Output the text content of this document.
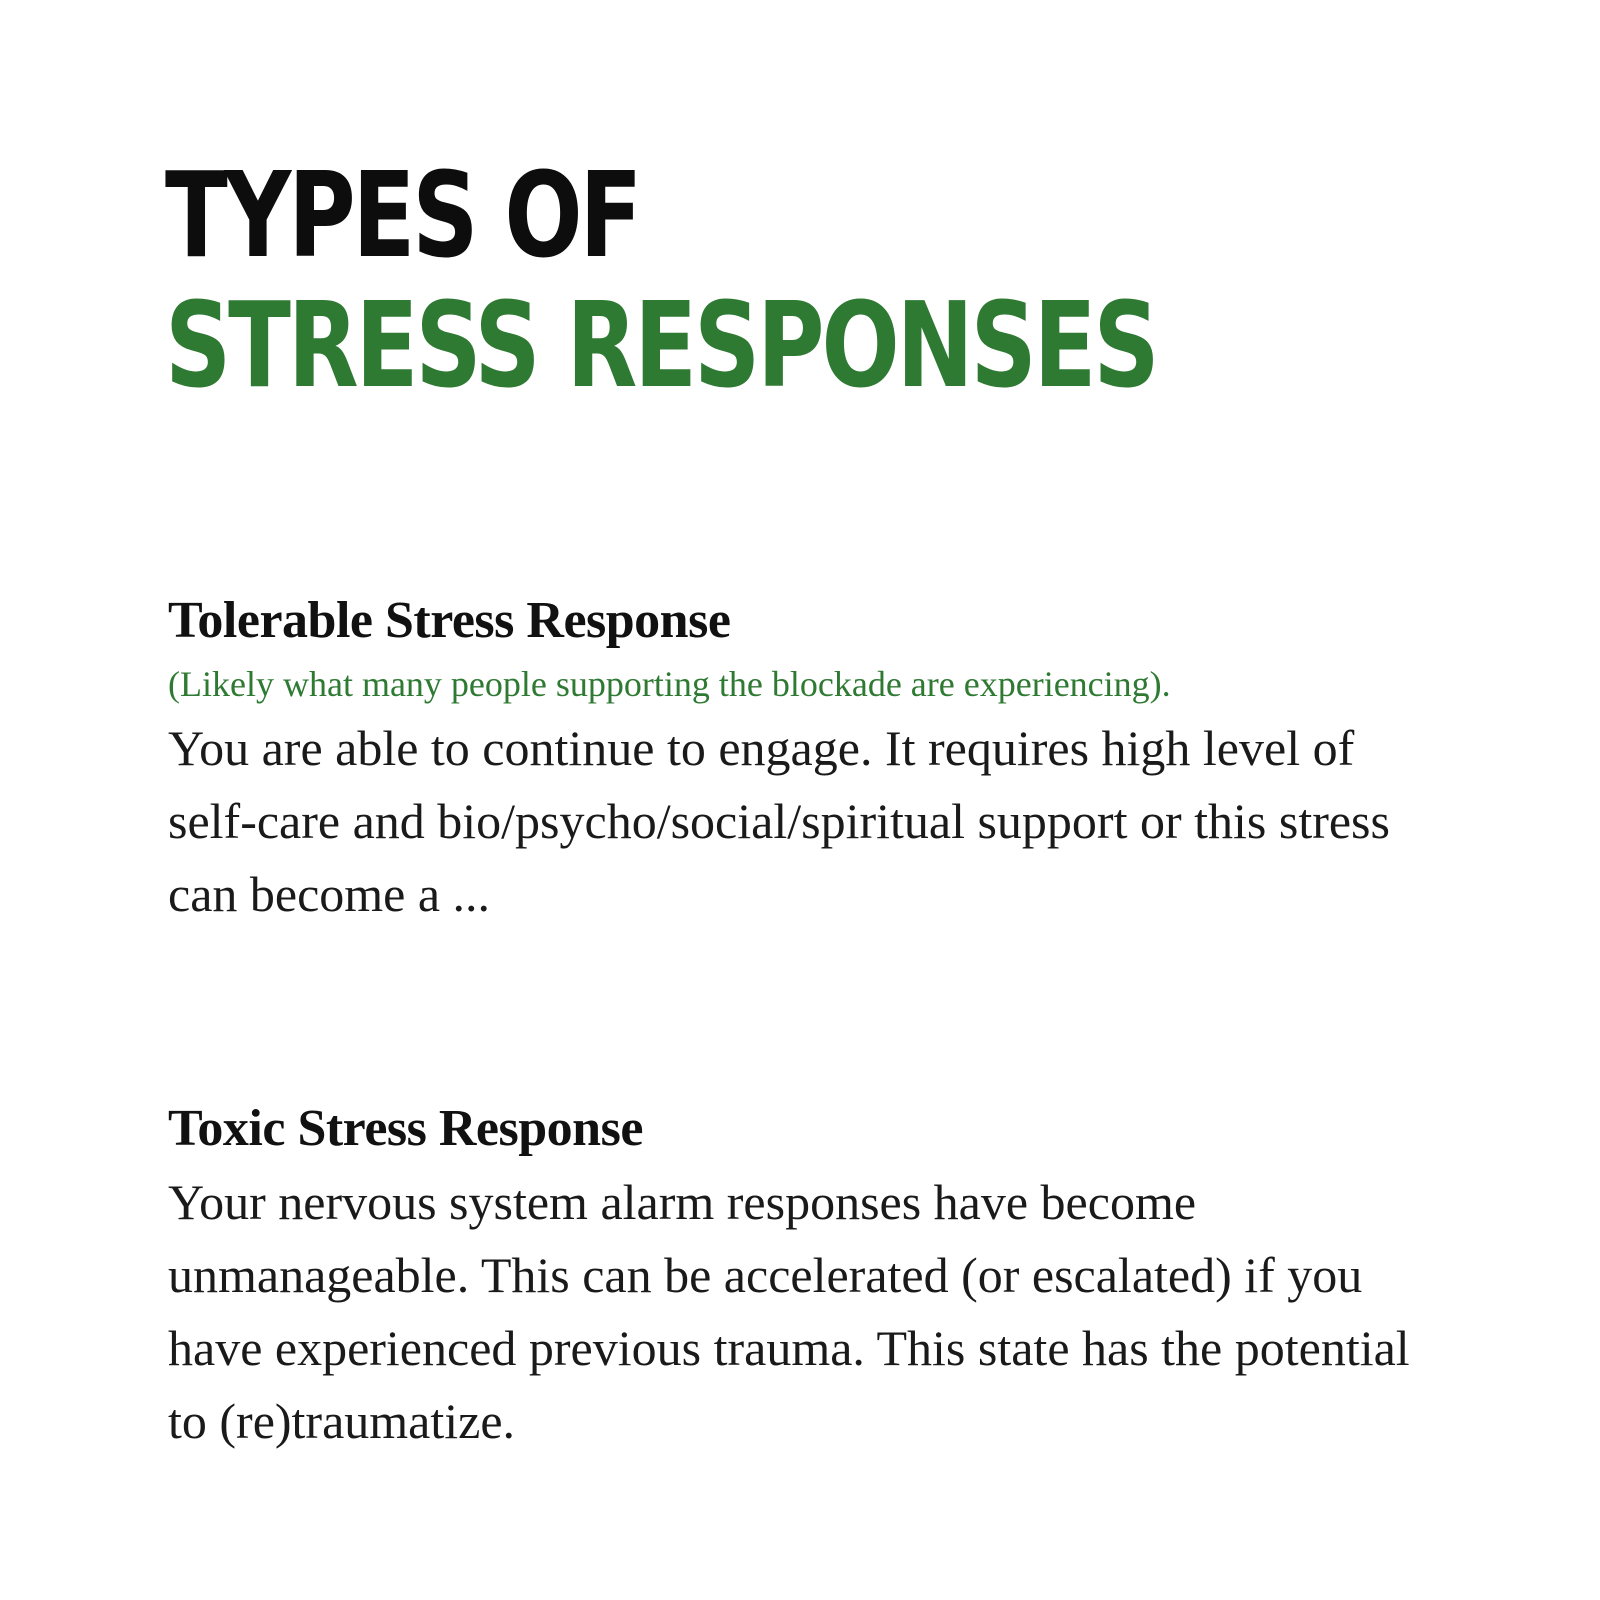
TYPES OF
STRESS RESPONSES
Tolerable Stress Response

(Likely what many people supporting the blockade are experiencing).

You are able to continue to engage. It requires high level of self-care and bio/psycho/social/spiritual support or this stress can become a ...

Toxic Stress Response

Your nervous system alarm responses have become unmanageable. This can be accelerated (or escalated) if you have experienced previous trauma. This state has the potential to (re)traumatize.
